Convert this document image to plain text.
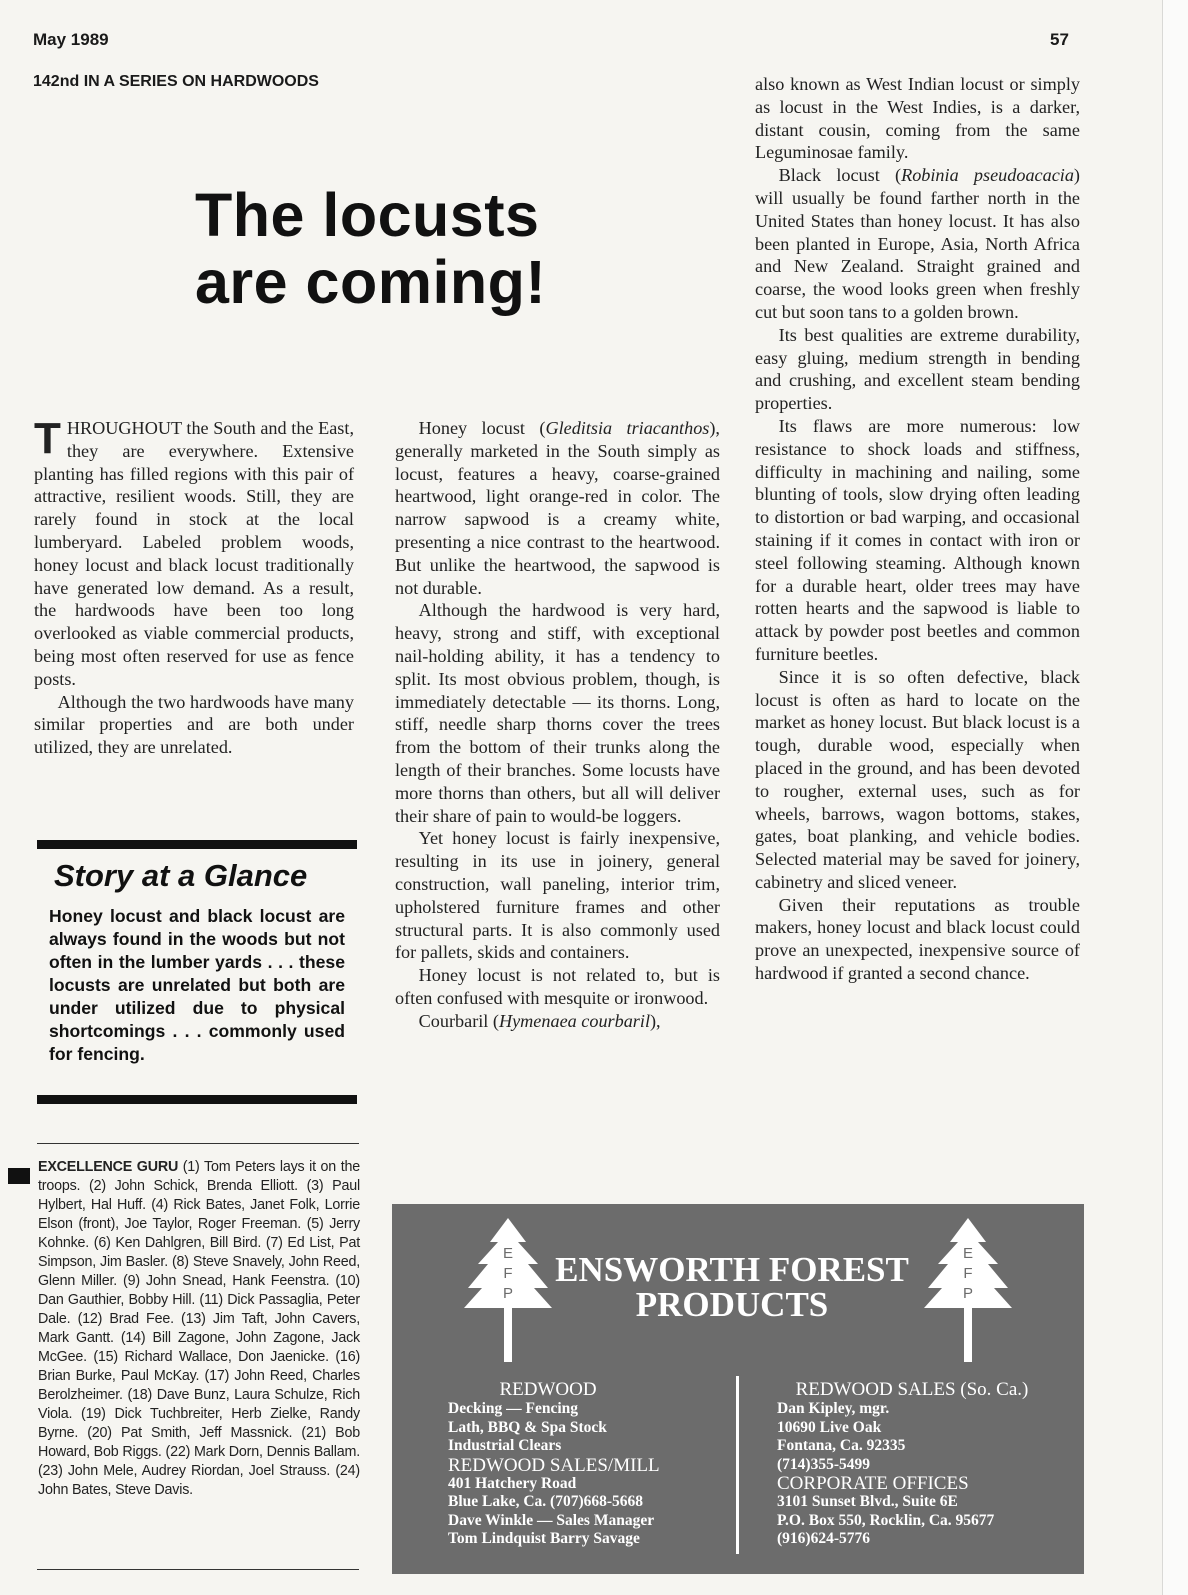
May 1989	57
142nd IN A SERIES ON HARDWOODS
The locusts
are coming!

THROUGHOUT the South and the East, they are everywhere. Extensive planting has filled regions with this pair of attractive, resilient woods. Still, they are rarely found in stock at the local lumberyard. Labeled problem woods, honey locust and black locust traditionally have generated low demand. As a result, the hardwoods have been too long overlooked as viable commercial products, being most often reserved for use as fence posts.

Although the two hardwoods have many similar properties and are both under utilized, they are unrelated.

Story at a Glance
Honey locust and black locust are always found in the woods but not often in the lumber yards . . . these locusts are unrelated but both are under utilized due to physical shortcomings . . . commonly used for fencing.
EXCELLENCE GURU (1) Tom Peters lays it on the troops. (2) John Schick, Brenda Elliott. (3) Paul Hylbert, Hal Huff. (4) Rick Bates, Janet Folk, Lorrie Elson (front), Joe Taylor, Roger Freeman. (5) Jerry Kohnke. (6) Ken Dahlgren, Bill Bird. (7) Ed List, Pat Simpson, Jim Basler. (8) Steve Snavely, John Reed, Glenn Miller. (9) John Snead, Hank Feenstra. (10) Dan Gauthier, Bobby Hill. (11) Dick Passaglia, Peter Dale. (12) Brad Fee. (13) Jim Taft, John Cavers, Mark Gantt. (14) Bill Zagone, John Zagone, Jack McGee. (15) Richard Wallace, Don Jaenicke. (16) Brian Burke, Paul McKay. (17) John Reed, Charles Berolzheimer. (18) Dave Bunz, Laura Schulze, Rich Viola. (19) Dick Tuchbreiter, Herb Zielke, Randy Byrne. (20) Pat Smith, Jeff Massnick. (21) Bob Howard, Bob Riggs. (22) Mark Dorn, Dennis Ballam. (23) John Mele, Audrey Riordan, Joel Strauss. (24) John Bates, Steve Davis.

Honey locust (Gleditsia triacanthos), generally marketed in the South simply as locust, features a heavy, coarse-grained heartwood, light orange-red in color. The narrow sapwood is a creamy white, presenting a nice contrast to the heartwood. But unlike the heartwood, the sapwood is not durable.

Although the hardwood is very hard, heavy, strong and stiff, with exceptional nail-holding ability, it has a tendency to split. Its most obvious problem, though, is immediately detectable — its thorns. Long, stiff, needle sharp thorns cover the trees from the bottom of their trunks along the length of their branches. Some locusts have more thorns than others, but all will deliver their share of pain to would-be loggers.

Yet honey locust is fairly inexpensive, resulting in its use in joinery, general construction, wall paneling, interior trim, upholstered furniture frames and other structural parts. It is also commonly used for pallets, skids and containers.

Honey locust is not related to, but is often confused with mesquite or ironwood.

Courbaril (Hymenaea courbaril),

also known as West Indian locust or simply as locust in the West Indies, is a darker, distant cousin, coming from the same Leguminosae family.

Black locust (Robinia pseudoacacia) will usually be found farther north in the United States than honey locust. It has also been planted in Europe, Asia, North Africa and New Zealand. Straight grained and coarse, the wood looks green when freshly cut but soon tans to a golden brown.

Its best qualities are extreme durability, easy gluing, medium strength in bending and crushing, and excellent steam bending properties.

Its flaws are more numerous: low resistance to shock loads and stiffness, difficulty in machining and nailing, some blunting of tools, slow drying often leading to distortion or bad warping, and occasional staining if it comes in contact with iron or steel following steaming. Although known for a durable heart, older trees may have rotten hearts and the sapwood is liable to attack by powder post beetles and common furniture beetles.

Since it is so often defective, black locust is often as hard to locate on the market as honey locust. But black locust is a tough, durable wood, especially when placed in the ground, and has been devoted to rougher, external uses, such as for wheels, barrows, wagon bottoms, stakes, gates, boat planking, and vehicle bodies. Selected material may be saved for joinery, cabinetry and sliced veneer.

Given their reputations as trouble makers, honey locust and black locust could prove an unexpected, inexpensive source of hardwood if granted a second chance.

E
F
P
E
F
P
ENSWORTH FOREST
PRODUCTS
REDWOOD
Decking — Fencing
Lath, BBQ & Spa Stock
Industrial Clears
REDWOOD SALES/MILL
401 Hatchery Road
Blue Lake, Ca. (707)668-5668
Dave Winkle — Sales Manager
Tom Lindquist Barry Savage
REDWOOD SALES (So. Ca.)
Dan Kipley, mgr.
10690 Live Oak
Fontana, Ca. 92335
(714)355-5499
CORPORATE OFFICES
3101 Sunset Blvd., Suite 6E
P.O. Box 550, Rocklin, Ca. 95677
(916)624-5776
